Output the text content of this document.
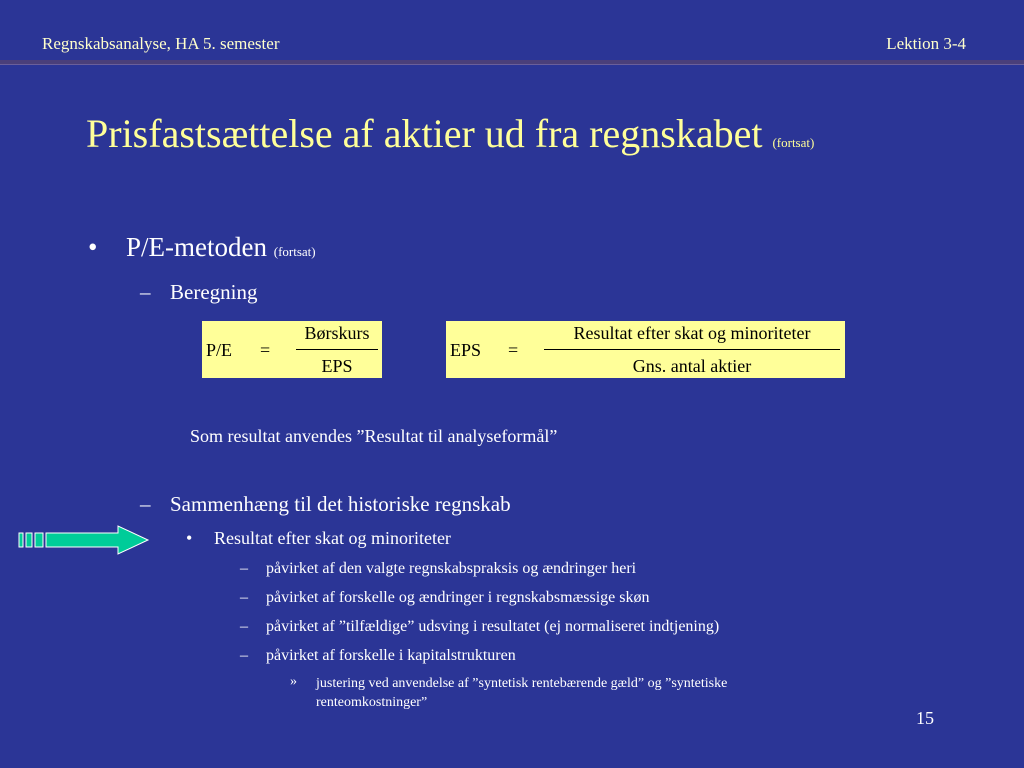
Regnskabsanalyse, HA 5. semester	Lektion 3-4
Prisfastsættelse af aktier ud fra regnskabet (fortsat)
• P/E-metoden (fortsat)
– Beregning
P/E =
Børskurs
EPS
EPS =
Resultat efter skat og minoriteter
Gns. antal aktier
Som resultat anvendes ”Resultat til analyseformål”
– Sammenhæng til det historiske regnskab
• Resultat efter skat og minoriteter
– påvirket af den valgte regnskabspraksis og ændringer heri
– påvirket af forskelle og ændringer i regnskabsmæssige skøn
– påvirket af ”tilfældige” udsving i resultatet (ej normaliseret indtjening)
– påvirket af forskelle i kapitalstrukturen
»	justering ved anvendelse af ”syntetisk rentebærende gæld” og ”syntetiske renteomkostninger”
15
